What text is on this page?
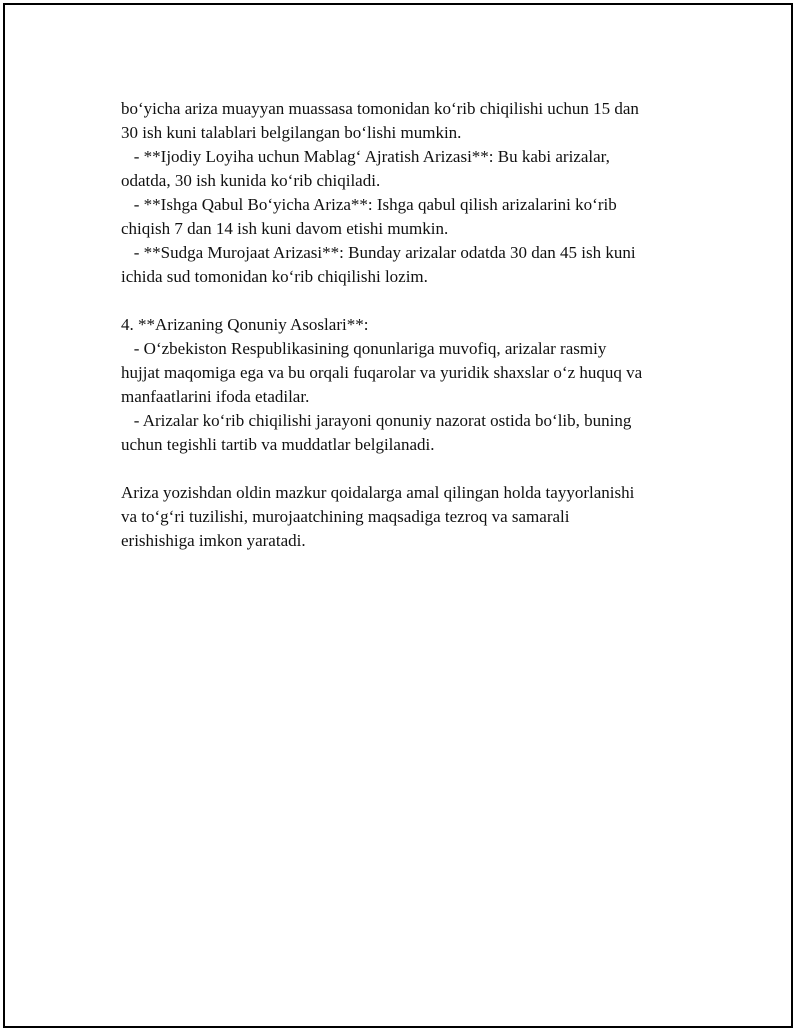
bo‘yicha ariza muayyan muassasa tomonidan ko‘rib chiqilishi uchun 15 dan
30 ish kuni talablari belgilangan bo‘lishi mumkin.
- **Ijodiy Loyiha uchun Mablag‘ Ajratish Arizasi**: Bu kabi arizalar,
odatda, 30 ish kunida ko‘rib chiqiladi.
- **Ishga Qabul Bo‘yicha Ariza**: Ishga qabul qilish arizalarini ko‘rib
chiqish 7 dan 14 ish kuni davom etishi mumkin.
- **Sudga Murojaat Arizasi**: Bunday arizalar odatda 30 dan 45 ish kuni
ichida sud tomonidan ko‘rib chiqilishi lozim.
4. **Arizaning Qonuniy Asoslari**:
- O‘zbekiston Respublikasining qonunlariga muvofiq, arizalar rasmiy
hujjat maqomiga ega va bu orqali fuqarolar va yuridik shaxslar o‘z huquq va
manfaatlarini ifoda etadilar.
- Arizalar ko‘rib chiqilishi jarayoni qonuniy nazorat ostida bo‘lib, buning
uchun tegishli tartib va muddatlar belgilanadi.
Ariza yozishdan oldin mazkur qoidalarga amal qilingan holda tayyorlanishi
va to‘g‘ri tuzilishi, murojaatchining maqsadiga tezroq va samarali
erishishiga imkon yaratadi.
